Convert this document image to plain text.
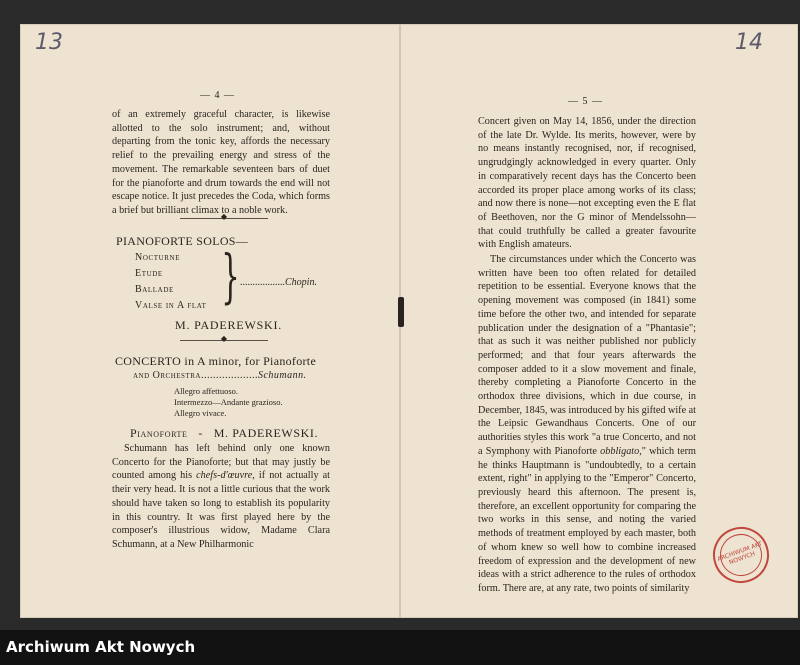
13	14
— 4 —

of an extremely graceful character, is likewise allotted to the solo instrument; and, without departing from the tonic key, affords the necessary relief to the prevailing energy and stress of the movement. The remarkable seventeen bars of duet for the pianoforte and drum towards the end will not escape notice. It just precedes the Coda, which forms a brief but brilliant climax to a noble work.

◆
PIANOFORTE SOLOS—
Nocturne
Etude
Ballade
Valse in A flat } ..................Chopin.
M. PADEREWSKI.
◆
CONCERTO in A minor, for Pianoforte
and Orchestra...................Schumann.
Allegro affettuoso.
Intermezzo—Andante grazioso.
Allegro vivace.
Pianoforte - M. PADEREWSKI.

Schumann has left behind only one known Concerto for the Pianoforte; but that may justly be counted among his chefs-d'œuvre, if not actually at their very head. It is not a little curious that the work should have taken so long to establish its popularity in this country. It was first played here by the composer's illustrious widow, Madame Clara Schumann, at a New Philharmonic

— 5 —

Concert given on May 14, 1856, under the direction of the late Dr. Wylde. Its merits, however, were by no means instantly recognised, nor, if recognised, ungrudgingly acknowledged in every quarter. Only in comparatively recent days has the Concerto been accorded its proper place among works of its class; and now there is none—not excepting even the E flat of Beethoven, nor the G minor of Mendelssohn—that could truthfully be called a greater favourite with English amateurs.

The circumstances under which the Concerto was written have been too often related for detailed repetition to be essential. Everyone knows that the opening movement was composed (in 1841) some time before the other two, and intended for separate publication under the designation of a "Phantasie"; that as such it was neither published nor publicly performed; and that four years afterwards the composer added to it a slow movement and finale, thereby completing a Pianoforte Concerto in the orthodox three divisions, which in due course, in December, 1845, was introduced by his gifted wife at the Leipsic Gewandhaus Concerts. One of our authorities styles this work "a true Concerto, and not a Symphony with Pianoforte obbligato," which term he thinks Hauptmann is "undoubtedly, to a certain extent, right" in applying to the "Emperor" Concerto, previously heard this afternoon. The present is, therefore, an excellent opportunity for comparing the two works in this sense, and noting the varied methods of treatment employed by each master, both of whom knew so well how to combine increased freedom of expression and the development of new ideas with a strict adherence to the rules of orthodox form. There are, at any rate, two points of similarity

ARCHIWUM AKT NOWYCH
Archiwum Akt Nowych
